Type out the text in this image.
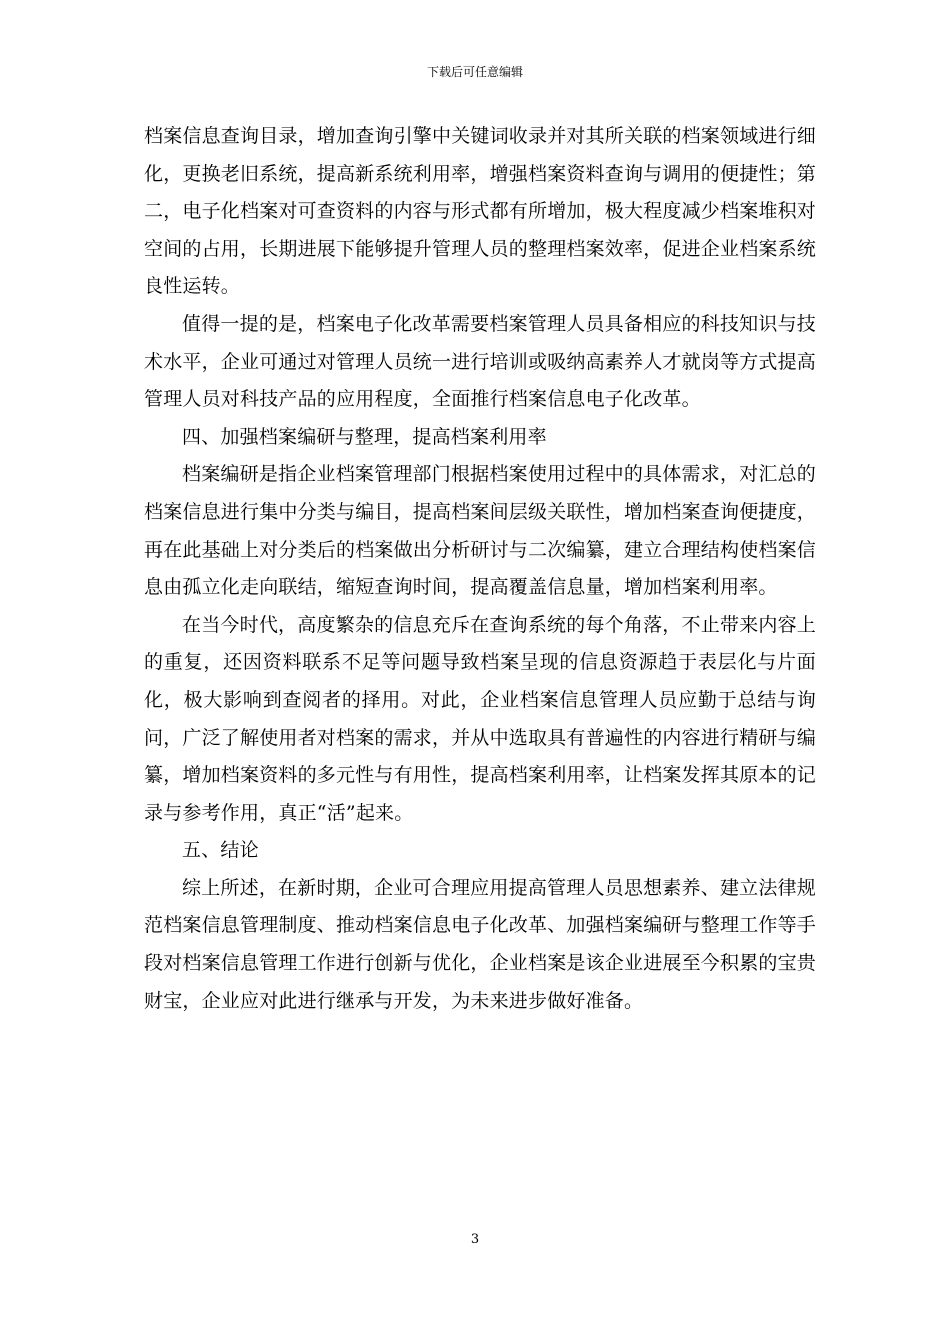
下载后可任意编辑

档案信息查询目录，增加查询引擎中关键词收录并对其所关联的档案领域进行细化，更换老旧系统，提高新系统利用率，增强档案资料查询与调用的便捷性；第二，电子化档案对可查资料的内容与形式都有所增加，极大程度减少档案堆积对空间的占用，长期进展下能够提升管理人员的整理档案效率，促进企业档案系统良性运转。

值得一提的是，档案电子化改革需要档案管理人员具备相应的科技知识与技术水平，企业可通过对管理人员统一进行培训或吸纳高素养人才就岗等方式提高管理人员对科技产品的应用程度，全面推行档案信息电子化改革。

四、加强档案编研与整理，提高档案利用率

档案编研是指企业档案管理部门根据档案使用过程中的具体需求，对汇总的档案信息进行集中分类与编目，提高档案间层级关联性，增加档案查询便捷度，再在此基础上对分类后的档案做出分析研讨与二次编纂，建立合理结构使档案信息由孤立化走向联结，缩短查询时间，提高覆盖信息量，增加档案利用率。

在当今时代，高度繁杂的信息充斥在查询系统的每个角落，不止带来内容上的重复，还因资料联系不足等问题导致档案呈现的信息资源趋于表层化与片面化，极大影响到查阅者的择用。对此，企业档案信息管理人员应勤于总结与询问，广泛了解使用者对档案的需求，并从中选取具有普遍性的内容进行精研与编纂，增加档案资料的多元性与有用性，提高档案利用率，让档案发挥其原本的记录与参考作用，真正“活”起来。

五、结论

综上所述，在新时期，企业可合理应用提高管理人员思想素养、建立法律规范档案信息管理制度、推动档案信息电子化改革、加强档案编研与整理工作等手段对档案信息管理工作进行创新与优化，企业档案是该企业进展至今积累的宝贵财宝，企业应对此进行继承与开发，为未来进步做好准备。

3
